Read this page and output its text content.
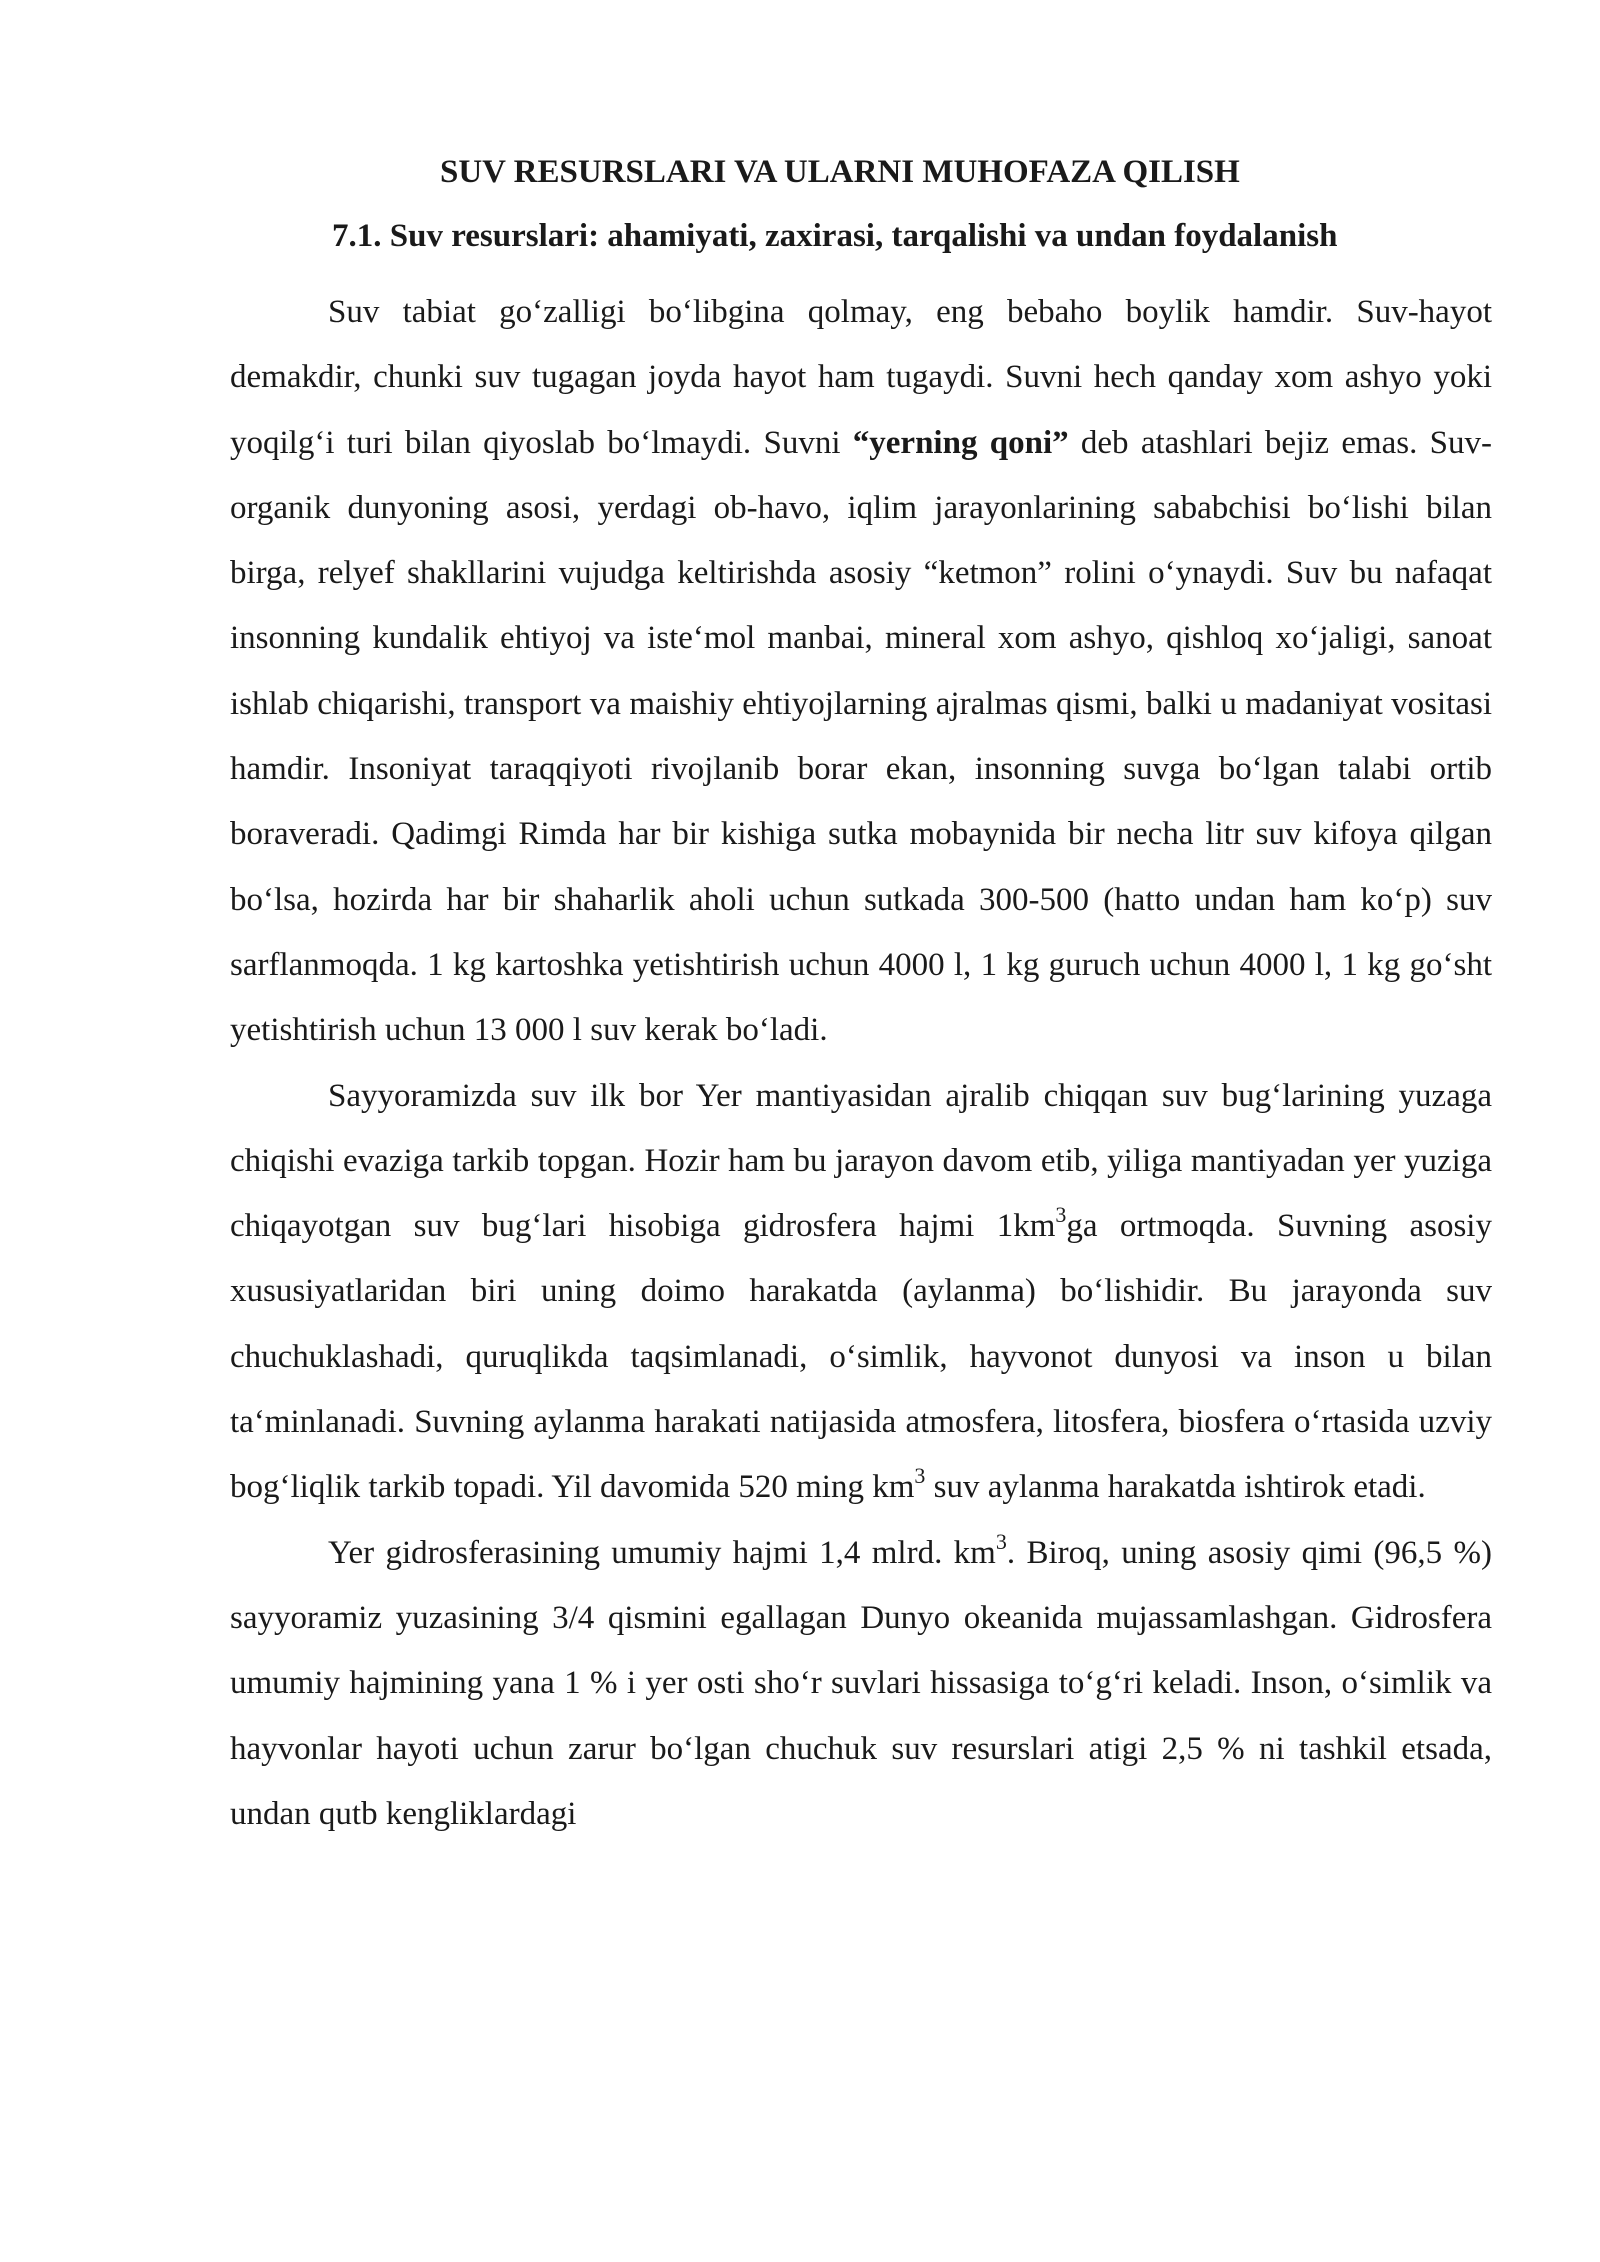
SUV RESURSLARI VA ULARNI MUHOFAZA QILISH
7.1. Suv resurslari: ahamiyati, zaxirasi, tarqalishi va undan foydalanish

Suv tabiat go‘zalligi bo‘libgina qolmay, eng bebaho boylik hamdir. Suv-hayot demakdir, chunki suv tugagan joyda hayot ham tugaydi. Suvni hech qanday xom ashyo yoki yoqilg‘i turi bilan qiyoslab bo‘lmaydi. Suvni “yerning qoni” deb atashlari bejiz emas. Suv-organik dunyoning asosi, yerdagi ob-havo, iqlim jarayonlarining sababchisi bo‘lishi bilan birga, relyef shakllarini vujudga keltirishda asosiy “ketmon” rolini o‘ynaydi. Suv bu nafaqat insonning kundalik ehtiyoj va iste‘mol manbai, mineral xom ashyo, qishloq xo‘jaligi, sanoat ishlab chiqarishi, transport va maishiy ehtiyojlarning ajralmas qismi, balki u madaniyat vositasi hamdir. Insoniyat taraqqiyoti rivojlanib borar ekan, insonning suvga bo‘lgan talabi ortib boraveradi. Qadimgi Rimda har bir kishiga sutka mobaynida bir necha litr suv kifoya qilgan bo‘lsa, hozirda har bir shaharlik aholi uchun sutkada 300-500 (hatto undan ham ko‘p) suv sarflanmoqda. 1 kg kartoshka yetishtirish uchun 4000 l, 1 kg guruch uchun 4000 l, 1 kg go‘sht yetishtirish uchun 13 000 l suv kerak bo‘ladi.

Sayyoramizda suv ilk bor Yer mantiyasidan ajralib chiqqan suv bug‘larining yuzaga chiqishi evaziga tarkib topgan. Hozir ham bu jarayon davom etib, yiliga mantiyadan yer yuziga chiqayotgan suv bug‘lari hisobiga gidrosfera hajmi $1km^3ga$ ortmoqda. Suvning asosiy xususiyatlaridan biri uning doimo harakatda (aylanma) bo‘lishidir. Bu jarayonda suv chuchuklashadi, quruqlikda taqsimlanadi, o‘simlik, hayvonot dunyosi va inson u bilan ta‘minlanadi. Suvning aylanma harakati natijasida atmosfera, litosfera, biosfera o‘rtasida uzviy bog‘liqlik tarkib topadi. Yil davomida 520 ming $km^3$ suv aylanma harakatda ishtirok etadi.

Yer gidrosferasining umumiy hajmi 1,4 mlrd. $km^3$. Biroq, uning asosiy qimi (96,5 %) sayyoramiz yuzasining 3/4 qismini egallagan Dunyo okeanida mujassamlashgan. Gidrosfera umumiy hajmining yana 1 % i yer osti sho‘r suvlari hissasiga to‘g‘ri keladi. Inson, o‘simlik va hayvonlar hayoti uchun zarur bo‘lgan chuchuk suv resurslari atigi 2,5 % ni tashkil etsada, undan qutb kengliklardagi
